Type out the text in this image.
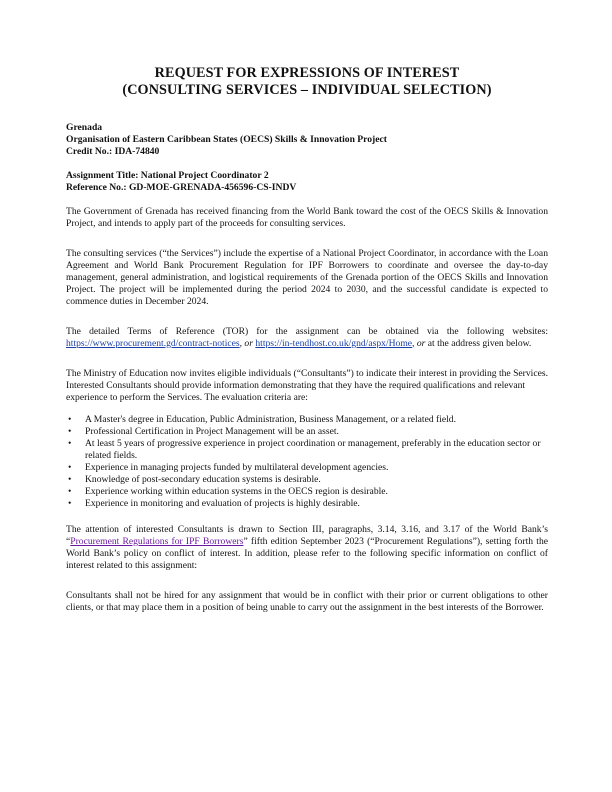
REQUEST FOR EXPRESSIONS OF INTEREST
(CONSULTING SERVICES – INDIVIDUAL SELECTION)
Grenada
Organisation of Eastern Caribbean States (OECS) Skills & Innovation Project
Credit No.: IDA-74840
Assignment Title: National Project Coordinator 2
Reference No.: GD-MOE-GRENADA-456596-CS-INDV

The Government of Grenada has received financing from the World Bank toward the cost of the OECS Skills & Innovation Project, and intends to apply part of the proceeds for consulting services.

The consulting services (“the Services”) include the expertise of a National Project Coordinator, in accordance with the Loan Agreement and World Bank Procurement Regulation for IPF Borrowers to coordinate and oversee the day-to-day management, general administration, and logistical requirements of the Grenada portion of the OECS Skills and Innovation Project. The project will be implemented during the period 2024 to 2030, and the successful candidate is expected to commence duties in December 2024.

The detailed Terms of Reference (TOR) for the assignment can be obtained via the following websites: https://www.procurement.gd/contract-notices, or https://in-tendhost.co.uk/gnd/aspx/Home, or at the address given below.

The Ministry of Education now invites eligible individuals (“Consultants”) to indicate their interest in providing the Services. Interested Consultants should provide information demonstrating that they have the required qualifications and relevant experience to perform the Services. The evaluation criteria are:

• A Master's degree in Education, Public Administration, Business Management, or a related field.
• Professional Certification in Project Management will be an asset.
• At least 5 years of progressive experience in project coordination or management, preferably in the education sector or related fields.
• Experience in managing projects funded by multilateral development agencies.
• Knowledge of post-secondary education systems is desirable.
• Experience working within education systems in the OECS region is desirable.
• Experience in monitoring and evaluation of projects is highly desirable.

The attention of interested Consultants is drawn to Section III, paragraphs, 3.14, 3.16, and 3.17 of the World Bank’s “Procurement Regulations for IPF Borrowers” fifth edition September 2023 (“Procurement Regulations”), setting forth the World Bank’s policy on conflict of interest. In addition, please refer to the following specific information on conflict of interest related to this assignment:

Consultants shall not be hired for any assignment that would be in conflict with their prior or current obligations to other clients, or that may place them in a position of being unable to carry out the assignment in the best interests of the Borrower.
